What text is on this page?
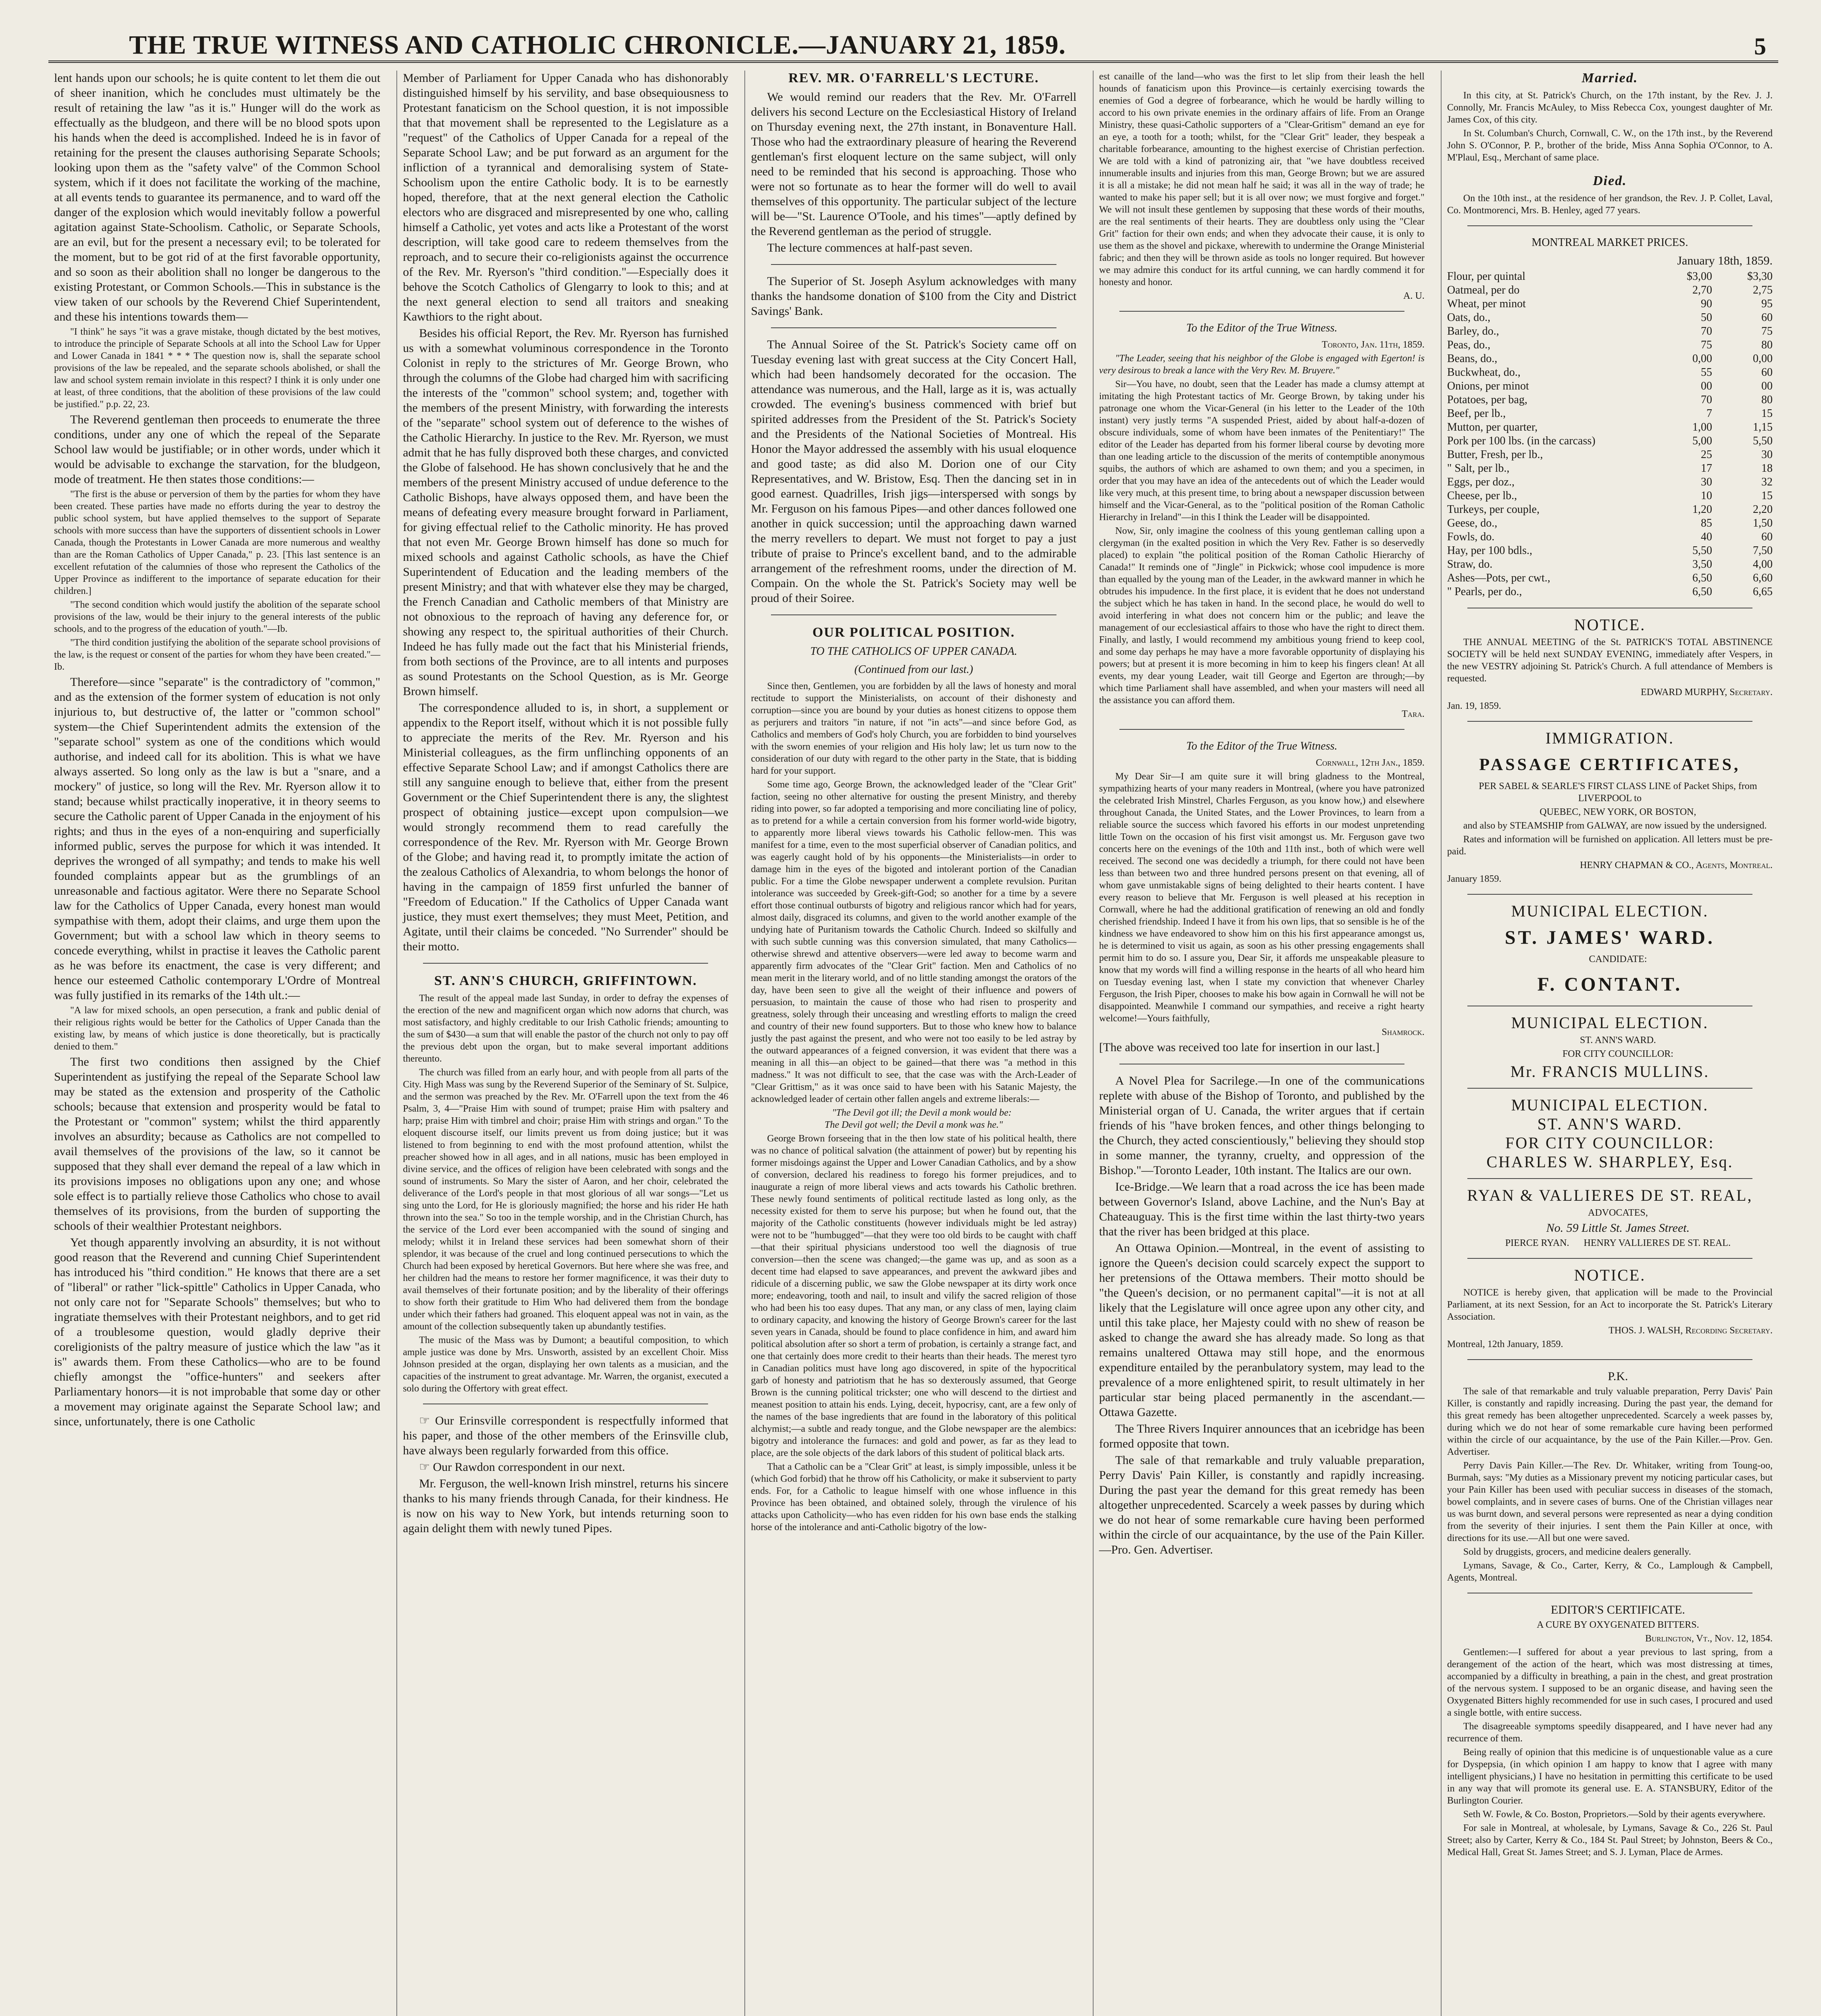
THE TRUE WITNESS AND CATHOLIC CHRONICLE.—JANUARY 21, 1859.	5

lent hands upon our schools; he is quite content to let them die out of sheer inanition, which he concludes must ultimately be the result of retaining the law "as it is." Hunger will do the work as effectually as the bludgeon, and there will be no blood spots upon his hands when the deed is accomplished. Indeed he is in favor of retaining for the present the clauses authorising Separate Schools; looking upon them as the "safety valve" of the Common School system, which if it does not facilitate the working of the machine, at all events tends to guarantee its permanence, and to ward off the danger of the explosion which would inevitably follow a powerful agitation against State-Schoolism. Catholic, or Separate Schools, are an evil, but for the present a necessary evil; to be tolerated for the moment, but to be got rid of at the first favorable opportunity, and so soon as their abolition shall no longer be dangerous to the existing Protestant, or Common Schools.—This in substance is the view taken of our schools by the Reverend Chief Superintendent, and these his intentions towards them—

"I think" he says "it was a grave mistake, though dictated by the best motives, to introduce the principle of Separate Schools at all into the School Law for Upper and Lower Canada in 1841 * * * The question now is, shall the separate school provisions of the law be repealed, and the separate schools abolished, or shall the law and school system remain inviolate in this respect? I think it is only under one at least, of three conditions, that the abolition of these provisions of the law could be justified." p.p. 22, 23.

The Reverend gentleman then proceeds to enumerate the three conditions, under any one of which the repeal of the Separate School law would be justifiable; or in other words, under which it would be advisable to exchange the starvation, for the bludgeon, mode of treatment. He then states those conditions:—

"The first is the abuse or perversion of them by the parties for whom they have been created. These parties have made no efforts during the year to destroy the public school system, but have applied themselves to the support of Separate schools with more success than have the supporters of dissentient schools in Lower Canada, though the Protestants in Lower Canada are more numerous and wealthy than are the Roman Catholics of Upper Canada," p. 23. [This last sentence is an excellent refutation of the calumnies of those who represent the Catholics of the Upper Province as indifferent to the importance of separate education for their children.]

"The second condition which would justify the abolition of the separate school provisions of the law, would be their injury to the general interests of the public schools, and to the progress of the education of youth."—Ib.

"The third condition justifying the abolition of the separate school provisions of the law, is the request or consent of the parties for whom they have been created."—Ib.

Therefore—since "separate" is the contradictory of "common," and as the extension of the former system of education is not only injurious to, but destructive of, the latter or "common school" system—the Chief Superintendent admits the extension of the "separate school" system as one of the conditions which would authorise, and indeed call for its abolition. This is what we have always asserted. So long only as the law is but a "snare, and a mockery" of justice, so long will the Rev. Mr. Ryerson allow it to stand; because whilst practically inoperative, it in theory seems to secure the Catholic parent of Upper Canada in the enjoyment of his rights; and thus in the eyes of a non-enquiring and superficially informed public, serves the purpose for which it was intended. It deprives the wronged of all sympathy; and tends to make his well founded complaints appear but as the grumblings of an unreasonable and factious agitator. Were there no Separate School law for the Catholics of Upper Canada, every honest man would sympathise with them, adopt their claims, and urge them upon the Government; but with a school law which in theory seems to concede everything, whilst in practise it leaves the Catholic parent as he was before its enactment, the case is very different; and hence our esteemed Catholic contemporary L'Ordre of Montreal was fully justified in its remarks of the 14th ult.:—

"A law for mixed schools, an open persecution, a frank and public denial of their religious rights would be better for the Catholics of Upper Canada than the existing law, by means of which justice is done theoretically, but is practically denied to them."

The first two conditions then assigned by the Chief Superintendent as justifying the repeal of the Separate School law may be stated as the extension and prosperity of the Catholic schools; because that extension and prosperity would be fatal to the Protestant or "common" system; whilst the third apparently involves an absurdity; because as Catholics are not compelled to avail themselves of the provisions of the law, so it cannot be supposed that they shall ever demand the repeal of a law which in its provisions imposes no obligations upon any one; and whose sole effect is to partially relieve those Catholics who chose to avail themselves of its provisions, from the burden of supporting the schools of their wealthier Protestant neighbors.

Yet though apparently involving an absurdity, it is not without good reason that the Reverend and cunning Chief Superintendent has introduced his "third condition." He knows that there are a set of "liberal" or rather "lick-spittle" Catholics in Upper Canada, who not only care not for "Separate Schools" themselves; but who to ingratiate themselves with their Protestant neighbors, and to get rid of a troublesome question, would gladly deprive their coreligionists of the paltry measure of justice which the law "as it is" awards them. From these Catholics—who are to be found chiefly amongst the "office-hunters" and seekers after Parliamentary honors—it is not improbable that some day or other a movement may originate against the Separate School law; and since, unfortunately, there is one Catholic

Member of Parliament for Upper Canada who has dishonorably distinguished himself by his servility, and base obsequiousness to Protestant fanaticism on the School question, it is not impossible that that movement shall be represented to the Legislature as a "request" of the Catholics of Upper Canada for a repeal of the Separate School Law; and be put forward as an argument for the infliction of a tyrannical and demoralising system of State-Schoolism upon the entire Catholic body. It is to be earnestly hoped, therefore, that at the next general election the Catholic electors who are disgraced and misrepresented by one who, calling himself a Catholic, yet votes and acts like a Protestant of the worst description, will take good care to redeem themselves from the reproach, and to secure their co-religionists against the occurrence of the Rev. Mr. Ryerson's "third condition."—Especially does it behove the Scotch Catholics of Glengarry to look to this; and at the next general election to send all traitors and sneaking Kawthiors to the right about.

Besides his official Report, the Rev. Mr. Ryerson has furnished us with a somewhat voluminous correspondence in the Toronto Colonist in reply to the strictures of Mr. George Brown, who through the columns of the Globe had charged him with sacrificing the interests of the "common" school system; and, together with the members of the present Ministry, with forwarding the interests of the "separate" school system out of deference to the wishes of the Catholic Hierarchy. In justice to the Rev. Mr. Ryerson, we must admit that he has fully disproved both these charges, and convicted the Globe of falsehood. He has shown conclusively that he and the members of the present Ministry accused of undue deference to the Catholic Bishops, have always opposed them, and have been the means of defeating every measure brought forward in Parliament, for giving effectual relief to the Catholic minority. He has proved that not even Mr. George Brown himself has done so much for mixed schools and against Catholic schools, as have the Chief Superintendent of Education and the leading members of the present Ministry; and that with whatever else they may be charged, the French Canadian and Catholic members of that Ministry are not obnoxious to the reproach of having any deference for, or showing any respect to, the spiritual authorities of their Church. Indeed he has fully made out the fact that his Ministerial friends, from both sections of the Province, are to all intents and purposes as sound Protestants on the School Question, as is Mr. George Brown himself.

The correspondence alluded to is, in short, a supplement or appendix to the Report itself, without which it is not possible fully to appreciate the merits of the Rev. Mr. Ryerson and his Ministerial colleagues, as the firm unflinching opponents of an effective Separate School Law; and if amongst Catholics there are still any sanguine enough to believe that, either from the present Government or the Chief Superintendent there is any, the slightest prospect of obtaining justice—except upon compulsion—we would strongly recommend them to read carefully the correspondence of the Rev. Mr. Ryerson with Mr. George Brown of the Globe; and having read it, to promptly imitate the action of the zealous Catholics of Alexandria, to whom belongs the honor of having in the campaign of 1859 first unfurled the banner of "Freedom of Education." If the Catholics of Upper Canada want justice, they must exert themselves; they must Meet, Petition, and Agitate, until their claims be conceded. "No Surrender" should be their motto.

ST. ANN'S CHURCH, GRIFFINTOWN.

The result of the appeal made last Sunday, in order to defray the expenses of the erection of the new and magnificent organ which now adorns that church, was most satisfactory, and highly creditable to our Irish Catholic friends; amounting to the sum of $430—a sum that will enable the pastor of the church not only to pay off the previous debt upon the organ, but to make several important additions thereunto.

The church was filled from an early hour, and with people from all parts of the City. High Mass was sung by the Reverend Superior of the Seminary of St. Sulpice, and the sermon was preached by the Rev. Mr. O'Farrell upon the text from the 46 Psalm, 3, 4—"Praise Him with sound of trumpet; praise Him with psaltery and harp; praise Him with timbrel and choir; praise Him with strings and organ." To the eloquent discourse itself, our limits prevent us from doing justice; but it was listened to from beginning to end with the most profound attention, whilst the preacher showed how in all ages, and in all nations, music has been employed in divine service, and the offices of religion have been celebrated with songs and the sound of instruments. So Mary the sister of Aaron, and her choir, celebrated the deliverance of the Lord's people in that most glorious of all war songs—"Let us sing unto the Lord, for He is gloriously magnified; the horse and his rider He hath thrown into the sea." So too in the temple worship, and in the Christian Church, has the service of the Lord ever been accompanied with the sound of singing and melody; whilst it in Ireland these services had been somewhat shorn of their splendor, it was because of the cruel and long continued persecutions to which the Church had been exposed by heretical Governors. But here where she was free, and her children had the means to restore her former magnificence, it was their duty to avail themselves of their fortunate position; and by the liberality of their offerings to show forth their gratitude to Him Who had delivered them from the bondage under which their fathers had groaned. This eloquent appeal was not in vain, as the amount of the collection subsequently taken up abundantly testifies.

The music of the Mass was by Dumont; a beautiful composition, to which ample justice was done by Mrs. Unsworth, assisted by an excellent Choir. Miss Johnson presided at the organ, displaying her own talents as a musician, and the capacities of the instrument to great advantage. Mr. Warren, the organist, executed a solo during the Offertory with great effect.

☞ Our Erinsville correspondent is respectfully informed that his paper, and those of the other members of the Erinsville club, have always been regularly forwarded from this office.

☞ Our Rawdon correspondent in our next.

Mr. Ferguson, the well-known Irish minstrel, returns his sincere thanks to his many friends through Canada, for their kindness. He is now on his way to New York, but intends returning soon to again delight them with newly tuned Pipes.

REV. MR. O'FARRELL'S LECTURE.

We would remind our readers that the Rev. Mr. O'Farrell delivers his second Lecture on the Ecclesiastical History of Ireland on Thursday evening next, the 27th instant, in Bonaventure Hall. Those who had the extraordinary pleasure of hearing the Reverend gentleman's first eloquent lecture on the same subject, will only need to be reminded that his second is approaching. Those who were not so fortunate as to hear the former will do well to avail themselves of this opportunity. The particular subject of the lecture will be—"St. Laurence O'Toole, and his times"—aptly defined by the Reverend gentleman as the period of struggle.

The lecture commences at half-past seven.

The Superior of St. Joseph Asylum acknowledges with many thanks the handsome donation of $100 from the City and District Savings' Bank.

The Annual Soiree of the St. Patrick's Society came off on Tuesday evening last with great success at the City Concert Hall, which had been handsomely decorated for the occasion. The attendance was numerous, and the Hall, large as it is, was actually crowded. The evening's business commenced with brief but spirited addresses from the President of the St. Patrick's Society and the Presidents of the National Societies of Montreal. His Honor the Mayor addressed the assembly with his usual eloquence and good taste; as did also M. Dorion one of our City Representatives, and W. Bristow, Esq. Then the dancing set in in good earnest. Quadrilles, Irish jigs—interspersed with songs by Mr. Ferguson on his famous Pipes—and other dances followed one another in quick succession; until the approaching dawn warned the merry revellers to depart. We must not forget to pay a just tribute of praise to Prince's excellent band, and to the admirable arrangement of the refreshment rooms, under the direction of M. Compain. On the whole the St. Patrick's Society may well be proud of their Soiree.

OUR POLITICAL POSITION.
TO THE CATHOLICS OF UPPER CANADA.
(Continued from our last.)

Since then, Gentlemen, you are forbidden by all the laws of honesty and moral rectitude to support the Ministerialists, on account of their dishonesty and corruption—since you are bound by your duties as honest citizens to oppose them as perjurers and traitors "in nature, if not "in acts"—and since before God, as Catholics and members of God's holy Church, you are forbidden to bind yourselves with the sworn enemies of your religion and His holy law; let us turn now to the consideration of our duty with regard to the other party in the State, that is bidding hard for your support.

Some time ago, George Brown, the acknowledged leader of the "Clear Grit" faction, seeing no other alternative for ousting the present Ministry, and thereby riding into power, so far adopted a temporising and more conciliating line of policy, as to pretend for a while a certain conversion from his former world-wide bigotry, to apparently more liberal views towards his Catholic fellow-men. This was manifest for a time, even to the most superficial observer of Canadian politics, and was eagerly caught hold of by his opponents—the Ministerialists—in order to damage him in the eyes of the bigoted and intolerant portion of the Canadian public. For a time the Globe newspaper underwent a complete revulsion. Puritan intolerance was succeeded by Greek-gift-God; so another for a time by a severe effort those continual outbursts of bigotry and religious rancor which had for years, almost daily, disgraced its columns, and given to the world another example of the undying hate of Puritanism towards the Catholic Church. Indeed so skilfully and with such subtle cunning was this conversion simulated, that many Catholics—otherwise shrewd and attentive observers—were led away to become warm and apparently firm advocates of the "Clear Grit" faction. Men and Catholics of no mean merit in the literary world, and of no little standing amongst the orators of the day, have been seen to give all the weight of their influence and powers of persuasion, to maintain the cause of those who had risen to prosperity and greatness, solely through their unceasing and wrestling efforts to malign the creed and country of their new found supporters. But to those who knew how to balance justly the past against the present, and who were not too easily to be led astray by the outward appearances of a feigned conversion, it was evident that there was a meaning in all this—an object to be gained—that there was "a method in this madness." It was not difficult to see, that the case was with the Arch-Leader of "Clear Grittism," as it was once said to have been with his Satanic Majesty, the acknowledged leader of certain other fallen angels and extreme liberals:—

"The Devil got ill; the Devil a monk would be:
The Devil got well; the Devil a monk was he."

George Brown forseeing that in the then low state of his political health, there was no chance of political salvation (the attainment of power) but by repenting his former misdoings against the Upper and Lower Canadian Catholics, and by a show of conversion, declared his readiness to forego his former prejudices, and to inaugurate a reign of more liberal views and acts towards his Catholic brethren. These newly found sentiments of political rectitude lasted as long only, as the necessity existed for them to serve his purpose; but when he found out, that the majority of the Catholic constituents (however individuals might be led astray) were not to be "humbugged"—that they were too old birds to be caught with chaff—that their spiritual physicians understood too well the diagnosis of true conversion—then the scene was changed;—the game was up, and as soon as a decent time had elapsed to save appearances, and prevent the awkward jibes and ridicule of a discerning public, we saw the Globe newspaper at its dirty work once more; endeavoring, tooth and nail, to insult and vilify the sacred religion of those who had been his too easy dupes. That any man, or any class of men, laying claim to ordinary capacity, and knowing the history of George Brown's career for the last seven years in Canada, should be found to place confidence in him, and award him political absolution after so short a term of probation, is certainly a strange fact, and one that certainly does more credit to their hearts than their heads. The merest tyro in Canadian politics must have long ago discovered, in spite of the hypocritical garb of honesty and patriotism that he has so dexterously assumed, that George Brown is the cunning political trickster; one who will descend to the dirtiest and meanest position to attain his ends. Lying, deceit, hypocrisy, cant, are a few only of the names of the base ingredients that are found in the laboratory of this political alchymist;—a subtle and ready tongue, and the Globe newspaper are the alembics: bigotry and intolerance the furnaces: and gold and power, as far as they lead to place, are the sole objects of the dark labors of this student of political black arts.

That a Catholic can be a "Clear Grit" at least, is simply impossible, unless it be (which God forbid) that he throw off his Catholicity, or make it subservient to party ends. For, for a Catholic to league himself with one whose influence in this Province has been obtained, and obtained solely, through the virulence of his attacks upon Catholicity—who has even ridden for his own base ends the stalking horse of the intolerance and anti-Catholic bigotry of the low-

est canaille of the land—who was the first to let slip from their leash the hell hounds of fanaticism upon this Province—is certainly exercising towards the enemies of God a degree of forbearance, which he would be hardly willing to accord to his own private enemies in the ordinary affairs of life. From an Orange Ministry, these quasi-Catholic supporters of a "Clear-Gritism" demand an eye for an eye, a tooth for a tooth; whilst, for the "Clear Grit" leader, they bespeak a charitable forbearance, amounting to the highest exercise of Christian perfection. We are told with a kind of patronizing air, that "we have doubtless received innumerable insults and injuries from this man, George Brown; but we are assured it is all a mistake; he did not mean half he said; it was all in the way of trade; he wanted to make his paper sell; but it is all over now; we must forgive and forget." We will not insult these gentlemen by supposing that these words of their mouths, are the real sentiments of their hearts. They are doubtless only using the "Clear Grit" faction for their own ends; and when they advocate their cause, it is only to use them as the shovel and pickaxe, wherewith to undermine the Orange Ministerial fabric; and then they will be thrown aside as tools no longer required. But however we may admire this conduct for its artful cunning, we can hardly commend it for honesty and honor.

A. U.

To the Editor of the True Witness.

Toronto, Jan. 11th, 1859.

"The Leader, seeing that his neighbor of the Globe is engaged with Egerton! is very desirous to break a lance with the Very Rev. M. Bruyere."

Sir—You have, no doubt, seen that the Leader has made a clumsy attempt at imitating the high Protestant tactics of Mr. George Brown, by taking under his patronage one whom the Vicar-General (in his letter to the Leader of the 10th instant) very justly terms "A suspended Priest, aided by about half-a-dozen of obscure individuals, some of whom have been inmates of the Penitentiary!" The editor of the Leader has departed from his former liberal course by devoting more than one leading article to the discussion of the merits of contemptible anonymous squibs, the authors of which are ashamed to own them; and you a specimen, in order that you may have an idea of the antecedents out of which the Leader would like very much, at this present time, to bring about a newspaper discussion between himself and the Vicar-General, as to the "political position of the Roman Catholic Hierarchy in Ireland"—in this I think the Leader will be disappointed.

Now, Sir, only imagine the coolness of this young gentleman calling upon a clergyman (in the exalted position in which the Very Rev. Father is so deservedly placed) to explain "the political position of the Roman Catholic Hierarchy of Canada!" It reminds one of "Jingle" in Pickwick; whose cool impudence is more than equalled by the young man of the Leader, in the awkward manner in which he obtrudes his impudence. In the first place, it is evident that he does not understand the subject which he has taken in hand. In the second place, he would do well to avoid interfering in what does not concern him or the public; and leave the management of our ecclesiastical affairs to those who have the right to direct them. Finally, and lastly, I would recommend my ambitious young friend to keep cool, and some day perhaps he may have a more favorable opportunity of displaying his powers; but at present it is more becoming in him to keep his fingers clean! At all events, my dear young Leader, wait till George and Egerton are through;—by which time Parliament shall have assembled, and when your masters will need all the assistance you can afford them.

Tara.

To the Editor of the True Witness.

Cornwall, 12th Jan., 1859.

My Dear Sir—I am quite sure it will bring gladness to the Montreal, sympathizing hearts of your many readers in Montreal, (where you have patronized the celebrated Irish Minstrel, Charles Ferguson, as you know how,) and elsewhere throughout Canada, the United States, and the Lower Provinces, to learn from a reliable source the success which favored his efforts in our modest unpretending little Town on the occasion of his first visit amongst us. Mr. Ferguson gave two concerts here on the evenings of the 10th and 11th inst., both of which were well received. The second one was decidedly a triumph, for there could not have been less than between two and three hundred persons present on that evening, all of whom gave unmistakable signs of being delighted to their hearts content. I have every reason to believe that Mr. Ferguson is well pleased at his reception in Cornwall, where he had the additional gratification of renewing an old and fondly cherished friendship. Indeed I have it from his own lips, that so sensible is he of the kindness we have endeavored to show him on this his first appearance amongst us, he is determined to visit us again, as soon as his other pressing engagements shall permit him to do so. I assure you, Dear Sir, it affords me unspeakable pleasure to know that my words will find a willing response in the hearts of all who heard him on Tuesday evening last, when I state my conviction that whenever Charley Ferguson, the Irish Piper, chooses to make his bow again in Cornwall he will not be disappointed. Meanwhile I command our sympathies, and receive a right hearty welcome!—Yours faithfully,

Shamrock.

[The above was received too late for insertion in our last.]

A Novel Plea for Sacrilege.—In one of the communications replete with abuse of the Bishop of Toronto, and published by the Ministerial organ of U. Canada, the writer argues that if certain friends of his "have broken fences, and other things belonging to the Church, they acted conscientiously," believing they should stop in some manner, the tyranny, cruelty, and oppression of the Bishop."—Toronto Leader, 10th instant. The Italics are our own.

Ice-Bridge.—We learn that a road across the ice has been made between Governor's Island, above Lachine, and the Nun's Bay at Chateauguay. This is the first time within the last thirty-two years that the river has been bridged at this place.

An Ottawa Opinion.—Montreal, in the event of assisting to ignore the Queen's decision could scarcely expect the support to her pretensions of the Ottawa members. Their motto should be "the Queen's decision, or no permanent capital"—it is not at all likely that the Legislature will once agree upon any other city, and until this take place, her Majesty could with no shew of reason be asked to change the award she has already made. So long as that remains unaltered Ottawa may still hope, and the enormous expenditure entailed by the peranbulatory system, may lead to the prevalence of a more enlightened spirit, to result ultimately in her particular star being placed permanently in the ascendant.—Ottawa Gazette.

The Three Rivers Inquirer announces that an icebridge has been formed opposite that town.

The sale of that remarkable and truly valuable preparation, Perry Davis' Pain Killer, is constantly and rapidly increasing. During the past year the demand for this great remedy has been altogether unprecedented. Scarcely a week passes by during which we do not hear of some remarkable cure having been performed within the circle of our acquaintance, by the use of the Pain Killer.—Pro. Gen. Advertiser.

Married.

In this city, at St. Patrick's Church, on the 17th instant, by the Rev. J. J. Connolly, Mr. Francis McAuley, to Miss Rebecca Cox, youngest daughter of Mr. James Cox, of this city.

In St. Columban's Church, Cornwall, C. W., on the 17th inst., by the Reverend John S. O'Connor, P. P., brother of the bride, Miss Anna Sophia O'Connor, to A. M'Plaul, Esq., Merchant of same place.

Died.

On the 10th inst., at the residence of her grandson, the Rev. J. P. Collet, Laval, Co. Montmorenci, Mrs. B. Henley, aged 77 years.

MONTREAL MARKET PRICES.

January 18th, 1859.

Flour, per quintal	$3,00	$3,30
Oatmeal, per do	2,70	2,75
Wheat, per minot	90	95
Oats, do.,	50	60
Barley, do.,	70	75
Peas, do.,	75	80
Beans, do.,	0,00	0,00
Buckwheat, do.,	55	60
Onions, per minot	00	00
Potatoes, per bag,	70	80
Beef, per lb.,	7	15
Mutton, per quarter,	1,00	1,15
Pork per 100 lbs. (in the carcass)	5,00	5,50
Butter, Fresh, per lb.,	25	30
" Salt, per lb.,	17	18
Eggs, per doz.,	30	32
Cheese, per lb.,	10	15
Turkeys, per couple,	1,20	2,20
Geese, do.,	85	1,50
Fowls, do.	40	60
Hay, per 100 bdls.,	5,50	7,50
Straw, do.	3,50	4,00
Ashes—Pots, per cwt.,	6,50	6,60
" Pearls, per do.,	6,50	6,65
NOTICE.

THE ANNUAL MEETING of the St. PATRICK'S TOTAL ABSTINENCE SOCIETY will be held next SUNDAY EVENING, immediately after Vespers, in the new VESTRY adjoining St. Patrick's Church. A full attendance of Members is requested.

EDWARD MURPHY, Secretary.

Jan. 19, 1859.

IMMIGRATION.
PASSAGE CERTIFICATES,

PER SABEL & SEARLE'S FIRST CLASS LINE of Packet Ships, from LIVERPOOL to

QUEBEC, NEW YORK, OR BOSTON,

and also by STEAMSHIP from GALWAY, are now issued by the undersigned.

Rates and information will be furnished on application. All letters must be pre-paid.

HENRY CHAPMAN & CO., Agents, Montreal.

January 1859.

MUNICIPAL ELECTION.
ST. JAMES' WARD.

CANDIDATE:

F. CONTANT.
MUNICIPAL ELECTION.

ST. ANN'S WARD.

FOR CITY COUNCILLOR:

Mr. FRANCIS MULLINS.
MUNICIPAL ELECTION.
ST. ANN'S WARD.
FOR CITY COUNCILLOR:
CHARLES W. SHARPLEY, Esq.
RYAN & VALLIERES DE ST. REAL,

ADVOCATES,

No. 59 Little St. James Street.

PIERCE RYAN.      HENRY VALLIERES DE ST. REAL.

NOTICE.

NOTICE is hereby given, that application will be made to the Provincial Parliament, at its next Session, for an Act to incorporate the St. Patrick's Literary Association.

THOS. J. WALSH, Recording Secretary.

Montreal, 12th January, 1859.

P.K.

The sale of that remarkable and truly valuable preparation, Perry Davis' Pain Killer, is constantly and rapidly increasing. During the past year, the demand for this great remedy has been altogether unprecedented. Scarcely a week passes by, during which we do not hear of some remarkable cure having been performed within the circle of our acquaintance, by the use of the Pain Killer.—Prov. Gen. Advertiser.

Perry Davis Pain Killer.—The Rev. Dr. Whitaker, writing from Toung-oo, Burmah, says: "My duties as a Missionary prevent my noticing particular cases, but your Pain Killer has been used with peculiar success in diseases of the stomach, bowel complaints, and in severe cases of burns. One of the Christian villages near us was burnt down, and several persons were represented as near a dying condition from the severity of their injuries. I sent them the Pain Killer at once, with directions for its use.—All but one were saved.

Sold by druggists, grocers, and medicine dealers generally.

Lymans, Savage, & Co., Carter, Kerry, & Co., Lamplough & Campbell, Agents, Montreal.

EDITOR'S CERTIFICATE.

A CURE BY OXYGENATED BITTERS.

Burlington, Vt., Nov. 12, 1854.

Gentlemen:—I suffered for about a year previous to last spring, from a derangement of the action of the heart, which was most distressing at times, accompanied by a difficulty in breathing, a pain in the chest, and great prostration of the nervous system. I supposed to be an organic disease, and having seen the Oxygenated Bitters highly recommended for use in such cases, I procured and used a single bottle, with entire success.

The disagreeable symptoms speedily disappeared, and I have never had any recurrence of them.

Being really of opinion that this medicine is of unquestionable value as a cure for Dyspepsia, (in which opinion I am happy to know that I agree with many intelligent physicians,) I have no hesitation in permitting this certificate to be used in any way that will promote its general use. E. A. STANSBURY, Editor of the Burlington Courier.

Seth W. Fowle, & Co. Boston, Proprietors.—Sold by their agents everywhere.

For sale in Montreal, at wholesale, by Lymans, Savage & Co., 226 St. Paul Street; also by Carter, Kerry & Co., 184 St. Paul Street; by Johnston, Beers & Co., Medical Hall, Great St. James Street; and S. J. Lyman, Place de Armes.
